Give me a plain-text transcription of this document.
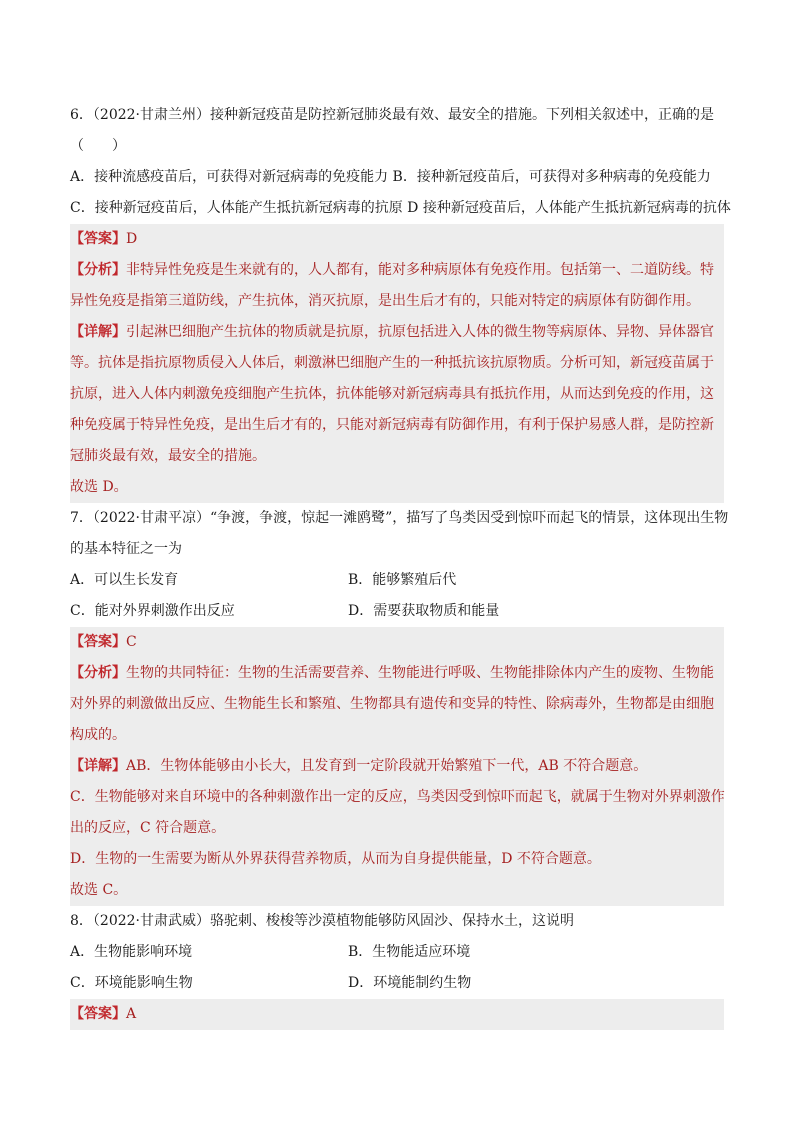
6．（2022·甘肃兰州）接种新冠疫苗是防控新冠肺炎最有效、最安全的措施。下列相关叙述中，正确的是
（　　）
A．接种流感疫苗后，可获得对新冠病毒的免疫能力 B．接种新冠疫苗后，可获得对多种病毒的免疫能力
C．接种新冠疫苗后，人体能产生抵抗新冠病毒的抗原 D 接种新冠疫苗后，人体能产生抵抗新冠病毒的抗体
【答案】D
【分析】非特异性免疫是生来就有的，人人都有，能对多种病原体有免疫作用。包括第一、二道防线。特
异性免疫是指第三道防线，产生抗体，消灭抗原，是出生后才有的，只能对特定的病原体有防御作用。
【详解】引起淋巴细胞产生抗体的物质就是抗原，抗原包括进入人体的微生物等病原体、异物、异体器官
等。抗体是指抗原物质侵入人体后，刺激淋巴细胞产生的一种抵抗该抗原物质。分析可知，新冠疫苗属于
抗原，进入人体内刺激免疫细胞产生抗体，抗体能够对新冠病毒具有抵抗作用，从而达到免疫的作用，这
种免疫属于特异性免疫，是出生后才有的，只能对新冠病毒有防御作用，有利于保护易感人群，是防控新
冠肺炎最有效，最安全的措施。
故选 D。
7．（2022·甘肃平凉）“争渡，争渡，惊起一滩鸥鹭”，描写了鸟类因受到惊吓而起飞的情景，这体现出生物
的基本特征之一为
A．可以生长发育	B．能够繁殖后代
C．能对外界刺激作出反应	D．需要获取物质和能量
【答案】C
【分析】生物的共同特征：生物的生活需要营养、生物能进行呼吸、生物能排除体内产生的废物、生物能
对外界的刺激做出反应、生物能生长和繁殖、生物都具有遗传和变异的特性、除病毒外，生物都是由细胞
构成的。
【详解】AB．生物体能够由小长大，且发育到一定阶段就开始繁殖下一代，AB 不符合题意。
C．生物能够对来自环境中的各种刺激作出一定的反应，鸟类因受到惊吓而起飞，就属于生物对外界刺激作
出的反应，C 符合题意。
D．生物的一生需要为断从外界获得营养物质，从而为自身提供能量，D 不符合题意。
故选 C。
8．（2022·甘肃武威）骆驼刺、梭梭等沙漠植物能够防风固沙、保持水土，这说明
A．生物能影响环境	B．生物能适应环境
C．环境能影响生物	D．环境能制约生物
【答案】A
